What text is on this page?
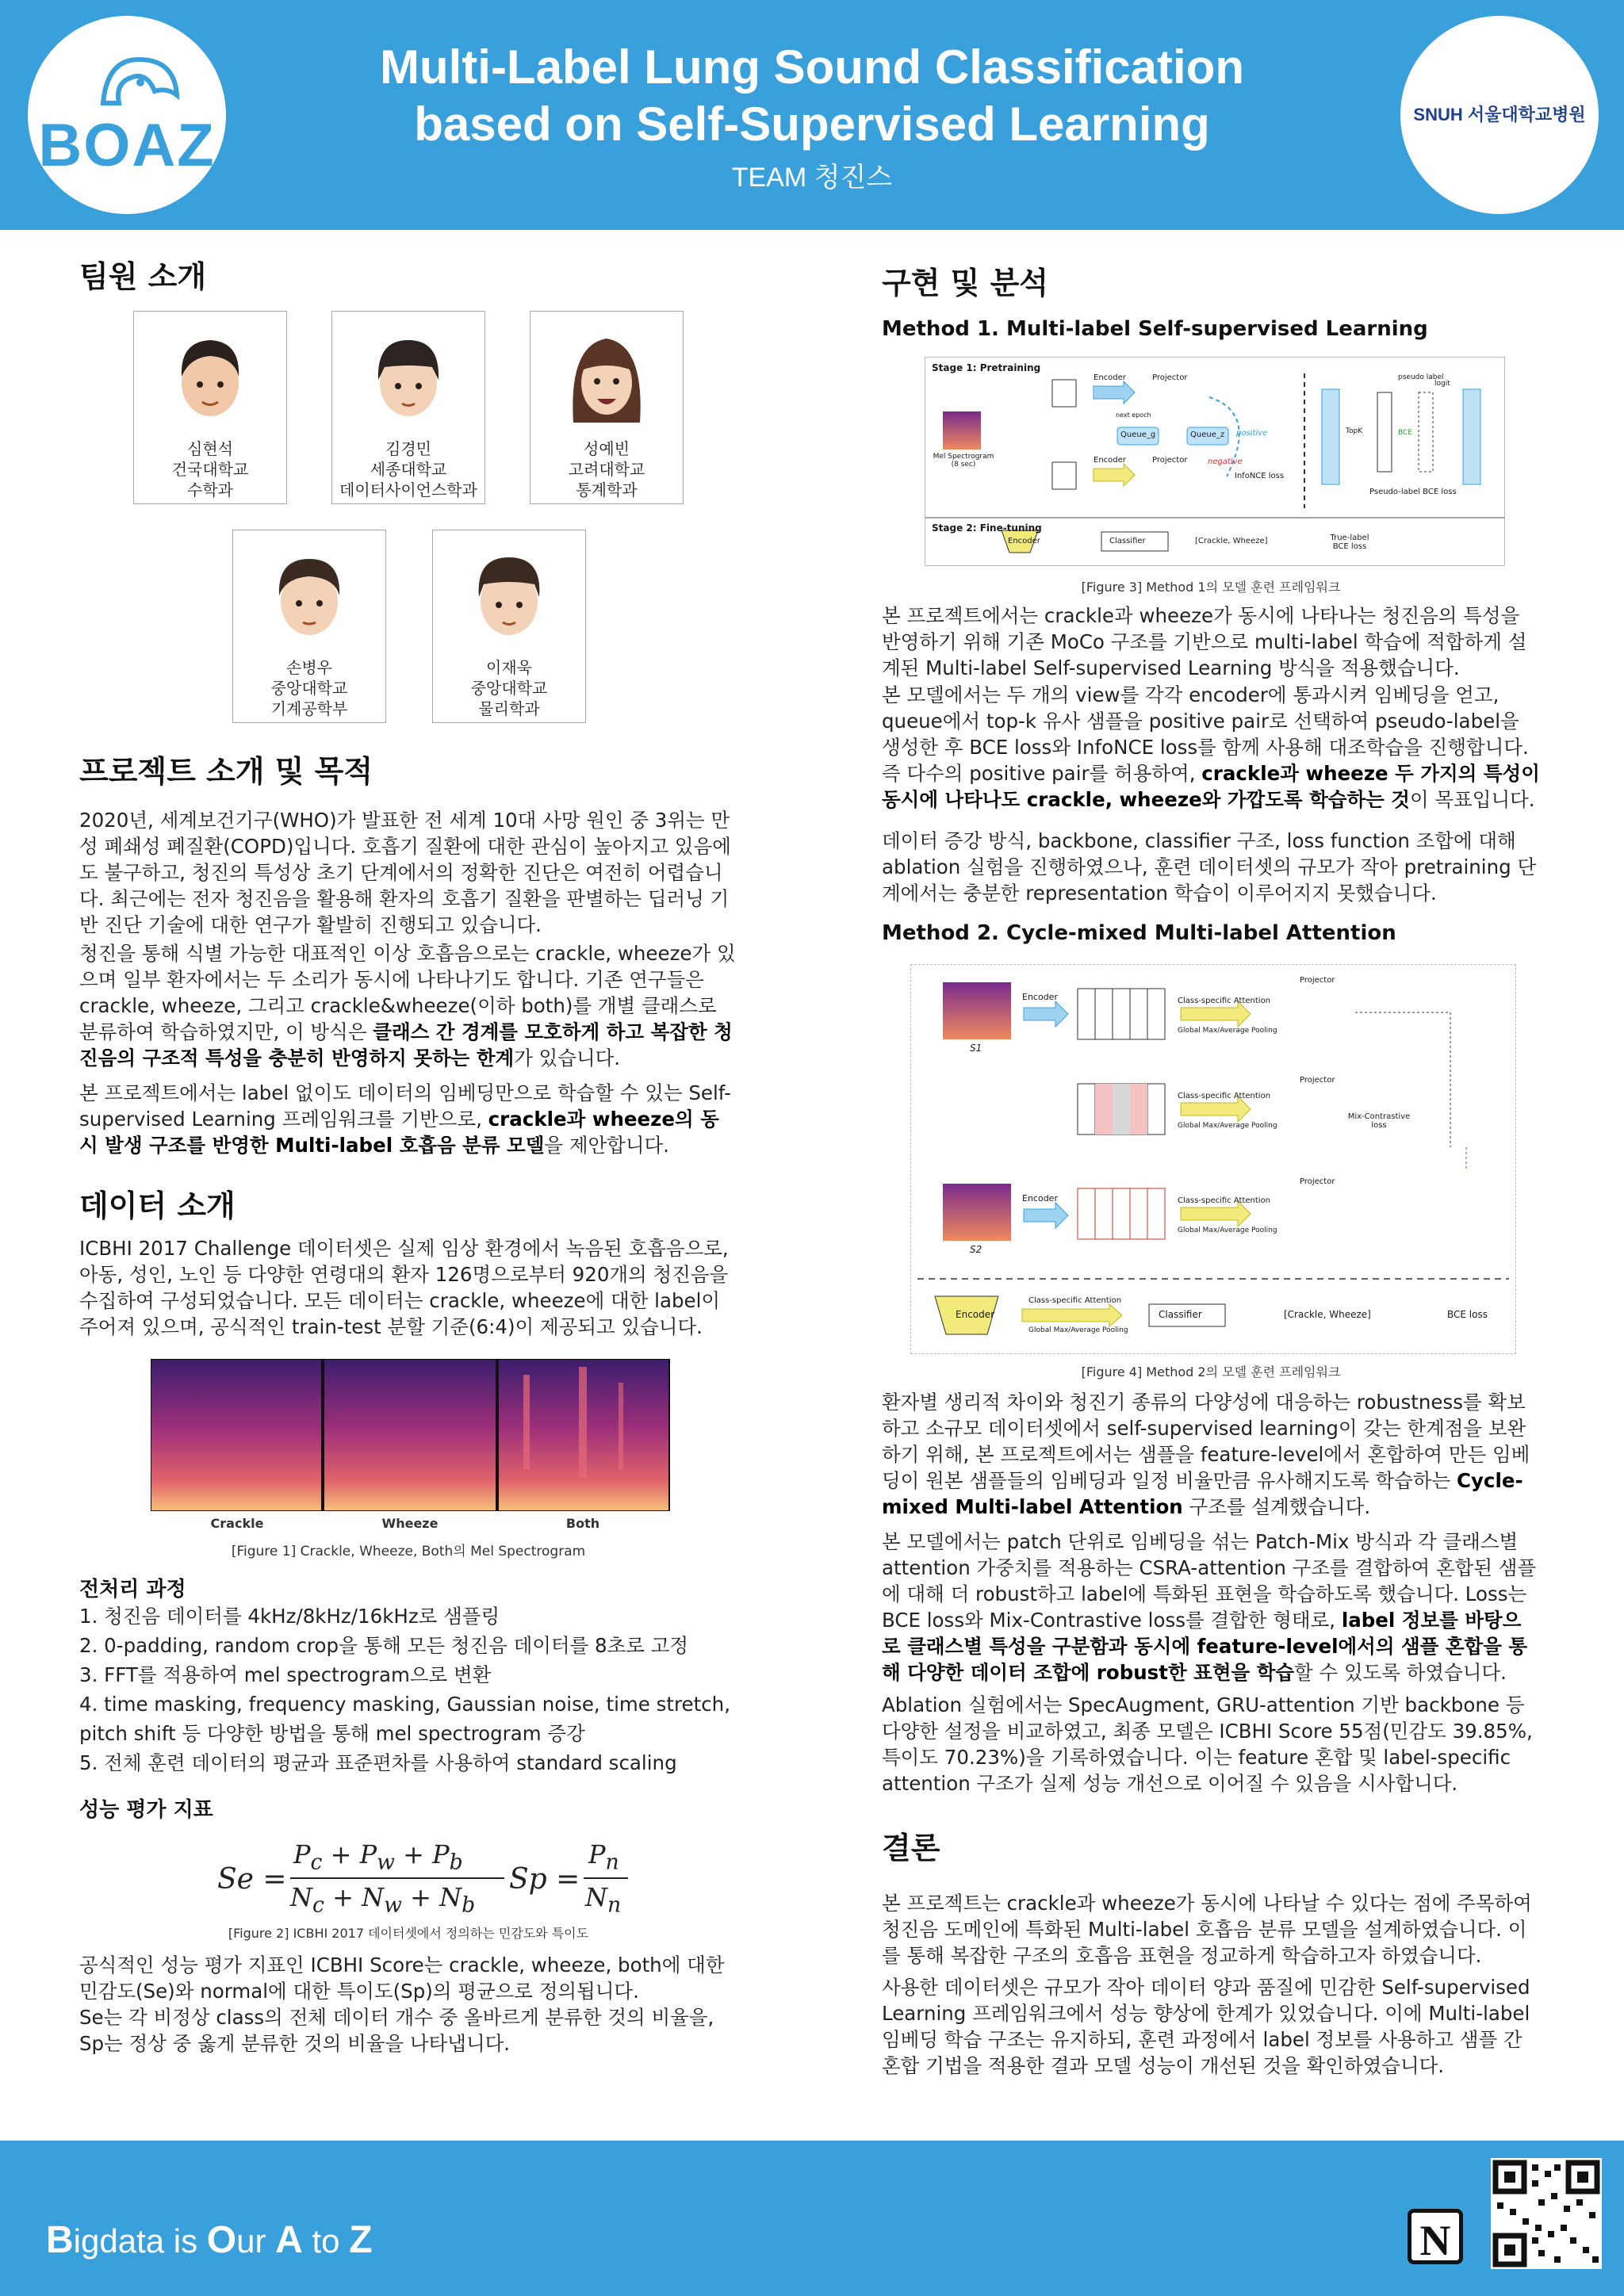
BOAZ	SNUH 서울대학교병원
Multi-Label Lung Sound Classification
based on Self-Supervised Learning
TEAM 청진스
팀원 소개
심현석
건국대학교
수학과
김경민
세종대학교
데이터사이언스학과
성예빈
고려대학교
통계학과
손병우
중앙대학교
기계공학부
이재욱
중앙대학교
물리학과
프로젝트 소개 및 목적
2020년, 세계보건기구(WHO)가 발표한 전 세계 10대 사망 원인 중 3위는 만성 폐쇄성 폐질환(COPD)입니다. 호흡기 질환에 대한 관심이 높아지고 있음에도 불구하고, 청진의 특성상 초기 단계에서의 정확한 진단은 여전히 어렵습니다. 최근에는 전자 청진음을 활용해 환자의 호흡기 질환을 판별하는 딥러닝 기반 진단 기술에 대한 연구가 활발히 진행되고 있습니다.
청진을 통해 식별 가능한 대표적인 이상 호흡음으로는 crackle, wheeze가 있으며 일부 환자에서는 두 소리가 동시에 나타나기도 합니다. 기존 연구들은 crackle, wheeze, 그리고 crackle&wheeze(이하 both)를 개별 클래스로 분류하여 학습하였지만, 이 방식은 클래스 간 경계를 모호하게 하고 복잡한 청진음의 구조적 특성을 충분히 반영하지 못하는 한계가 있습니다.
본 프로젝트에서는 label 없이도 데이터의 임베딩만으로 학습할 수 있는 Self-supervised Learning 프레임워크를 기반으로, crackle과 wheeze의 동시 발생 구조를 반영한 Multi-label 호흡음 분류 모델을 제안합니다.
데이터 소개
ICBHI 2017 Challenge 데이터셋은 실제 임상 환경에서 녹음된 호흡음으로, 아동, 성인, 노인 등 다양한 연령대의 환자 126명으로부터 920개의 청진음을 수집하여 구성되었습니다. 모든 데이터는 crackle, wheeze에 대한 label이 주어져 있으며, 공식적인 train-test 분할 기준(6:4)이 제공되고 있습니다.
Crackle	Wheeze	Both
[Figure 1] Crackle, Wheeze, Both의 Mel Spectrogram
전처리 과정
1. 청진음 데이터를 4kHz/8kHz/16kHz로 샘플링
2. 0-padding, random crop을 통해 모든 청진음 데이터를 8초로 고정
3. FFT를 적용하여 mel spectrogram으로 변환
4. time masking, frequency masking, Gaussian noise, time stretch,
pitch shift 등 다양한 방법을 통해 mel spectrogram 증강
5. 전체 훈련 데이터의 평균과 표준편차를 사용하여 standard scaling
성능 평가 지표
Se =
$P_c + P_w + P_b$
$N_c + N_w + N_b$
Sp =
$P_n$
$N_n$
[Figure 2] ICBHI 2017 데이터셋에서 정의하는 민감도와 특이도
공식적인 성능 평가 지표인 ICBHI Score는 crackle, wheeze, both에 대한
민감도(Se)와 normal에 대한 특이도(Sp)의 평균으로 정의됩니다.
Se는 각 비정상 class의 전체 데이터 개수 중 올바르게 분류한 것의 비율을,
Sp는 정상 중 옳게 분류한 것의 비율을 나타냅니다.
구현 및 분석
Method 1. Multi-label Self-supervised Learning
Stage 1: Pretraining
Stage 2: Fine-tuning
Mel Spectrogram
(8 sec)
Encoder
Encoder
Projector
Projector
Queue_g	Queue_z
next epoch
positive
negative
InfoNCE loss
pseudo label
logit
TopK	BCE
Pseudo-label BCE loss
Encoder	Classifier	[Crackle, Wheeze]	True-label BCE loss
[Figure 3] Method 1의 모델 훈련 프레임워크
본 프로젝트에서는 crackle과 wheeze가 동시에 나타나는 청진음의 특성을 반영하기 위해 기존 MoCo 구조를 기반으로 multi-label 학습에 적합하게 설계된 Multi-label Self-supervised Learning 방식을 적용했습니다.
본 모델에서는 두 개의 view를 각각 encoder에 통과시켜 임베딩을 얻고, queue에서 top-k 유사 샘플을 positive pair로 선택하여 pseudo-label을 생성한 후 BCE loss와 InfoNCE loss를 함께 사용해 대조학습을 진행합니다. 즉 다수의 positive pair를 허용하여, crackle과 wheeze 두 가지의 특성이 동시에 나타나도 crackle, wheeze와 가깝도록 학습하는 것이 목표입니다.
데이터 증강 방식, backbone, classifier 구조, loss function 조합에 대해 ablation 실험을 진행하였으나, 훈련 데이터셋의 규모가 작아 pretraining 단계에서는 충분한 representation 학습이 이루어지지 못했습니다.
Method 2. Cycle-mixed Multi-label Attention
Encoder
Encoder
Encoder
S1
S2
Class-specific Attention
Global Max/Average Pooling
Class-specific Attention
Global Max/Average Pooling
Class-specific Attention
Global Max/Average Pooling
Class-specific Attention
Global Max/Average Pooling
Projector
Projector
Projector
Mix-Contrastive loss
Classifier	[Crackle, Wheeze]	BCE loss
[Figure 4] Method 2의 모델 훈련 프레임워크
환자별 생리적 차이와 청진기 종류의 다양성에 대응하는 robustness를 확보하고 소규모 데이터셋에서 self-supervised learning이 갖는 한계점을 보완하기 위해, 본 프로젝트에서는 샘플을 feature-level에서 혼합하여 만든 임베딩이 원본 샘플들의 임베딩과 일정 비율만큼 유사해지도록 학습하는 Cycle-mixed Multi-label Attention 구조를 설계했습니다.
본 모델에서는 patch 단위로 임베딩을 섞는 Patch-Mix 방식과 각 클래스별 attention 가중치를 적용하는 CSRA-attention 구조를 결합하여 혼합된 샘플에 대해 더 robust하고 label에 특화된 표현을 학습하도록 했습니다. Loss는 BCE loss와 Mix-Contrastive loss를 결합한 형태로, label 정보를 바탕으로 클래스별 특성을 구분함과 동시에 feature-level에서의 샘플 혼합을 통해 다양한 데이터 조합에 robust한 표현을 학습할 수 있도록 하였습니다.
Ablation 실험에서는 SpecAugment, GRU-attention 기반 backbone 등 다양한 설정을 비교하였고, 최종 모델은 ICBHI Score 55점(민감도 39.85%, 특이도 70.23%)을 기록하였습니다. 이는 feature 혼합 및 label-specific attention 구조가 실제 성능 개선으로 이어질 수 있음을 시사합니다.
결론
본 프로젝트는 crackle과 wheeze가 동시에 나타날 수 있다는 점에 주목하여 청진음 도메인에 특화된 Multi-label 호흡음 분류 모델을 설계하였습니다. 이를 통해 복잡한 구조의 호흡음 표현을 정교하게 학습하고자 하였습니다.
사용한 데이터셋은 규모가 작아 데이터 양과 품질에 민감한 Self-supervised Learning 프레임워크에서 성능 향상에 한계가 있었습니다. 이에 Multi-label 임베딩 학습 구조는 유지하되, 훈련 과정에서 label 정보를 사용하고 샘플 간 혼합 기법을 적용한 결과 모델 성능이 개선된 것을 확인하였습니다.
Bigdata is Our A to Z	N
